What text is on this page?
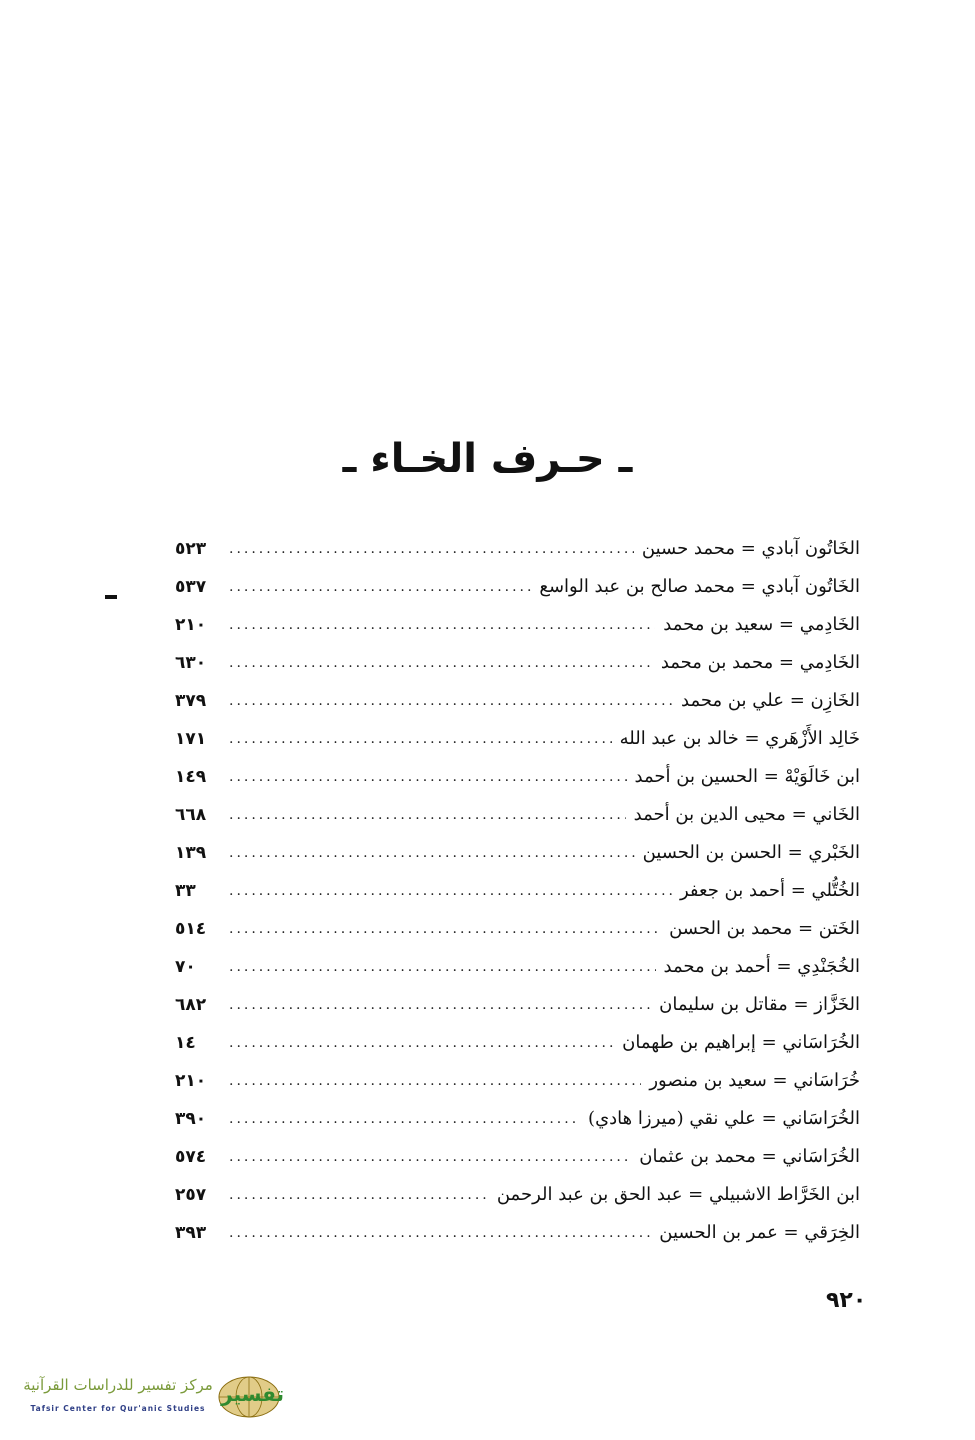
ـ حـرف الخـاء ـ
٥٢٣ .....	الخَاتُون آبادي = محمد حسين
٥٣٧ .....	الخَاتُون آبادي = محمد صالح بن عبد الواسع
٢١٠ .....	الخَادِمي = سعيد بن محمد
٦٣٠ .....	الخَادِمي = محمد بن محمد
٣٧٩ .....	الخَازِن = علي بن محمد
١٧١ .....	خَالِد الأَزْهَري = خالد بن عبد الله
١٤٩ .....	ابن خَالَوَيْهْ = الحسين بن أحمد
٦٦٨ .....	الخَاني = محيى الدين بن أحمد
١٣٩ .....	الخَبْري = الحسن بن الحسين
٣٣ .....	الخُتُّلي = أحمد بن جعفر
٥١٤ .....	الخَتن = محمد بن الحسن
٧٠ .....	الخُجَنْدِي = أحمد بن محمد
٦٨٢ .....	الخَزَّاز = مقاتل بن سليمان
١٤ .....	الخُرَاسَاني = إبراهيم بن طهمان
٢١٠ .....	خُرَاسَاني = سعيد بن منصور
٣٩٠ .....	الخُرَاسَاني = علي نقي (ميرزا هادي)
٥٧٤ .....	الخُرَاسَاني = محمد بن عثمان
٢٥٧ .....	ابن الخَرَّاط الاشبيلي = عبد الحق بن عبد الرحمن
٣٩٣ .....	الخِرَقي = عمر بن الحسين
٩٢٠
مركز تفسير للدراسات القرآنية
Tafsir Center for Qur'anic Studies
تفسير
